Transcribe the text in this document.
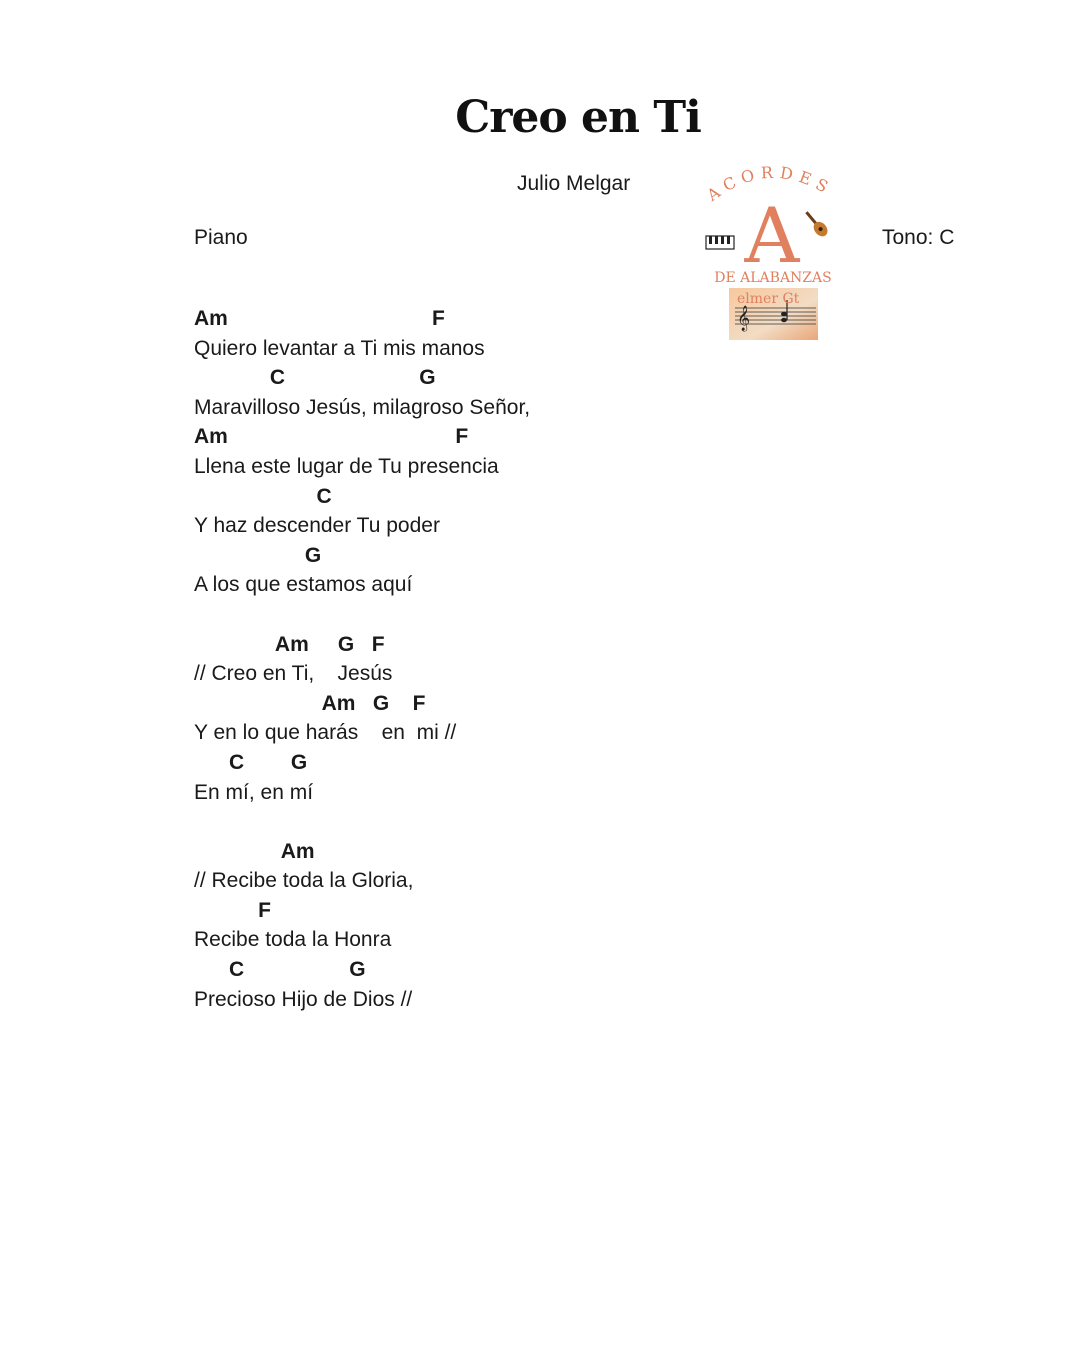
Creo en Ti
Julio Melgar
Piano	Tono: C
ACORDES
A
DE ALABANZAS
𝄞
elmer Gt
Am                                   F
Quiero levantar a Ti mis manos
C                       G
Maravilloso Jesús, milagroso Señor,
Am                                       F
Llena este lugar de Tu presencia
C
Y haz descender Tu poder
G
A los que estamos aquí
Am     G   F
// Creo en Ti,    Jesús
Am   G    F
Y en lo que harás    en  mi //
C        G
En mí, en mí
Am
// Recibe toda la Gloria,
F
Recibe toda la Honra
C                  G
Precioso Hijo de Dios //
